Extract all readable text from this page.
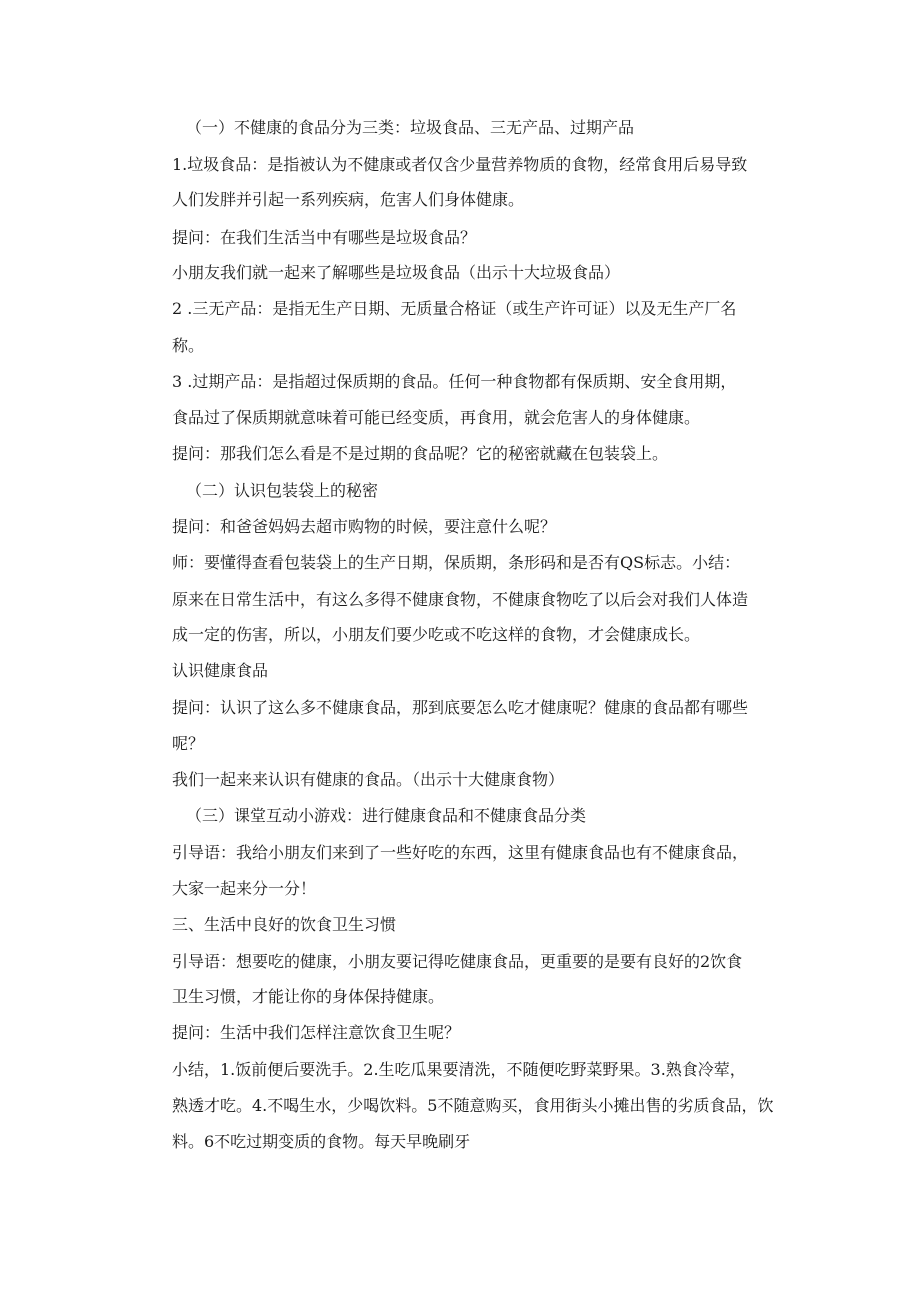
（一）不健康的食品分为三类：垃圾食品、三无产品、过期产品
1.垃圾食品：是指被认为不健康或者仅含少量营养物质的食物，经常食用后易导致
人们发胖并引起一系列疾病，危害人们身体健康。
提问：在我们生活当中有哪些是垃圾食品？
小朋友我们就一起来了解哪些是垃圾食品（出示十大垃圾食品）
2 .三无产品：是指无生产日期、无质量合格证（或生产许可证）以及无生产厂名
称。
3 .过期产品：是指超过保质期的食品。任何一种食物都有保质期、安全食用期，
食品过了保质期就意味着可能已经变质，再食用，就会危害人的身体健康。
提问：那我们怎么看是不是过期的食品呢？它的秘密就藏在包装袋上。
（二）认识包装袋上的秘密
提问：和爸爸妈妈去超市购物的时候，要注意什么呢？
师：要懂得查看包装袋上的生产日期，保质期，条形码和是否有QS标志。小结：
原来在日常生活中，有这么多得不健康食物，不健康食物吃了以后会对我们人体造
成一定的伤害，所以，小朋友们要少吃或不吃这样的食物，才会健康成长。
认识健康食品
提问：认识了这么多不健康食品，那到底要怎么吃才健康呢？健康的食品都有哪些
呢？
我们一起来来认识有健康的食品。（出示十大健康食物）
（三）课堂互动小游戏：进行健康食品和不健康食品分类
引导语：我给小朋友们来到了一些好吃的东西，这里有健康食品也有不健康食品，
大家一起来分一分！
三、生活中良好的饮食卫生习惯
引导语：想要吃的健康，小朋友要记得吃健康食品，更重要的是要有良好的2饮食
卫生习惯，才能让你的身体保持健康。
提问：生活中我们怎样注意饮食卫生呢？
小结，1.饭前便后要洗手。2.生吃瓜果要清洗，不随便吃野菜野果。3.熟食冷荤，
熟透才吃。4.不喝生水，少喝饮料。5不随意购买，食用街头小摊出售的劣质食品，饮
料。6不吃过期变质的食物。每天早晚刷牙
